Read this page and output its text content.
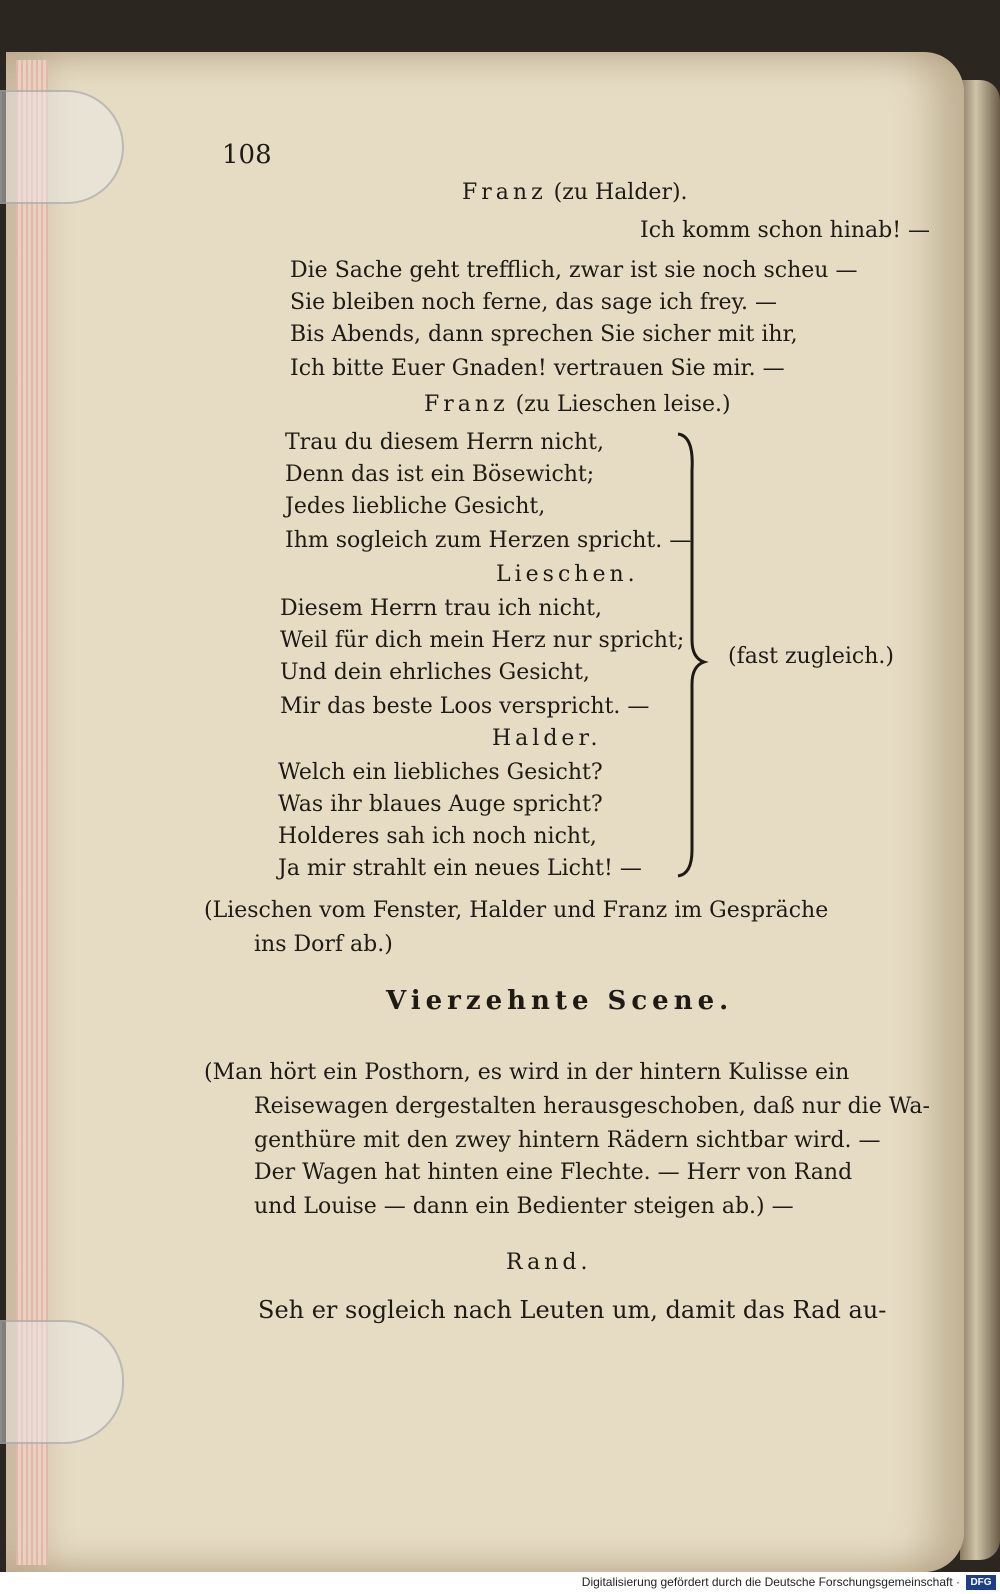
108
Franz (zu Halder).
Ich komm schon hinab! —
Die Sache geht trefflich, zwar ist sie noch scheu —
Sie bleiben noch ferne, das sage ich frey. —
Bis Abends, dann sprechen Sie sicher mit ihr,
Ich bitte Euer Gnaden! vertrauen Sie mir. —
Franz (zu Lieschen leise.)
Trau du diesem Herrn nicht,
Denn das ist ein Bösewicht;
Jedes liebliche Gesicht,
Ihm sogleich zum Herzen spricht. —
Lieschen.
Diesem Herrn trau ich nicht,
Weil für dich mein Herz nur spricht;
Und dein ehrliches Gesicht,
Mir das beste Loos verspricht. —
Halder.
Welch ein liebliches Gesicht?
Was ihr blaues Auge spricht?
Holderes sah ich noch nicht,
Ja mir strahlt ein neues Licht! —
(fast zugleich.)
(Lieschen vom Fenster, Halder und Franz im Gespräche
ins Dorf ab.)
Vierzehnte Scene.
(Man hört ein Posthorn, es wird in der hintern Kulisse ein
Reisewagen dergestalten herausgeschoben, daß nur die Wa-
genthüre mit den zwey hintern Rädern sichtbar wird. —
Der Wagen hat hinten eine Flechte. — Herr von Rand
und Louise — dann ein Bedienter steigen ab.) —
Rand.
Seh er sogleich nach Leuten um, damit das Rad au-
Digitalisierung gefördert durch die Deutsche Forschungsgemeinschaft ·	DFG
